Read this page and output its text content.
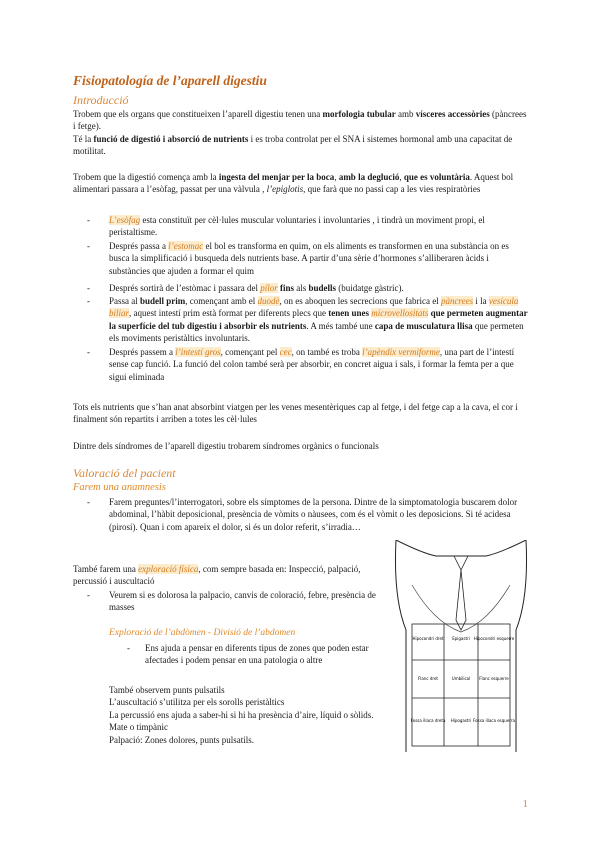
Fisiopatología de l’aparell digestiu
Introducció
Trobem que els organs que constitueixen l’aparell digestiu tenen una morfologia tubular amb vísceres accessòries (pàncrees i fetge).
Té la funció de digestió i absorció de nutrients i es troba controlat per el SNA i sistemes hormonal amb una capacitat de motilitat.
Trobem que la digestió comença amb la ingesta del menjar per la boca, amb la deglució, que es voluntària. Aquest bol alimentari passara a l’esòfag, passat per una vàlvula , l’epiglotis, que farà que no passi cap a les vies respiratòries
- L’esòfag esta constituït per cèl·lules muscular voluntaries i involuntaries , i tindrà un moviment propi, el peristaltisme.
- Després passa a l’estomac el bol es transforma en quim, on els aliments es transformen en una substància on es busca la simplificació i busqueda dels nutrients base. A partir d’una sèrie d’hormones s’alliberaren àcids i substàncies que ajuden a formar el quim
- Després sortirà de l’estòmac i passara del pílor fins als budells (buidatge gàstric).
- Passa al budell prim, començant amb el duodè, on es aboquen les secrecions que fabrica el pàncrees i la vesícula biliar, aquest intestí prim està format per diferents plecs que tenen unes microvellositats que permeten augmentar la superfície del tub digestiu i absorbir els nutrients. A més també une capa de musculatura llisa que permeten els moviments peristàltics involuntaris.
- Després passem a l’intestí gros, començant pel cec, on també es troba l’apèndix vermiforme, una part de l’intestí sense cap funció. La funció del colon també serà per absorbir, en concret aigua i sals, i formar la femta per a que sigui eliminada
Tots els nutrients que s’han anat absorbint viatgen per les venes mesentèriques cap al fetge, i del fetge cap a la cava, el cor i finalment són repartits i arriben a totes les cèl·lules
Dintre dels síndromes de l’aparell digestiu trobarem síndromes orgànics o funcionals
Valoració del pacient
Farem una anamnesis
- Farem preguntes/l’interrogatori, sobre els símptomes de la persona. Dintre de la simptomatologia buscarem dolor abdominal, l’hàbit deposicional, presència de vòmits o nàusees, com és el vòmit o les deposicions. Si té acidesa (pirosi). Quan i com apareix el dolor, si és un dolor referit, s’irradia…
També farem una exploració física, com sempre basada en: Inspecció, palpació, percussió i auscultació
- Veurem si es dolorosa la palpacio, canvis de coloració, febre, presència de masses
Exploració de l’abdòmen - Divisió de l’abdomen
- Ens ajuda a pensar en diferents tipus de zones que poden estar afectades i podem pensar en una patologia o altre
També observem punts pulsatils
L’auscultació s’utilitza per els sorolls peristàltics
La percussió ens ajuda a saber-hi si hi ha presència d’aire, líquid o sòlids. Mate o timpànic
Palpació: Zones dolores, punts pulsatils.
Hipocondri dret Epigastri Hipocondri esquerre
Flanc dret	Umbilical Flanc esquerre
Fossa ilíaca dreta Hipogastri Fossa ilíaca esquerra
1
